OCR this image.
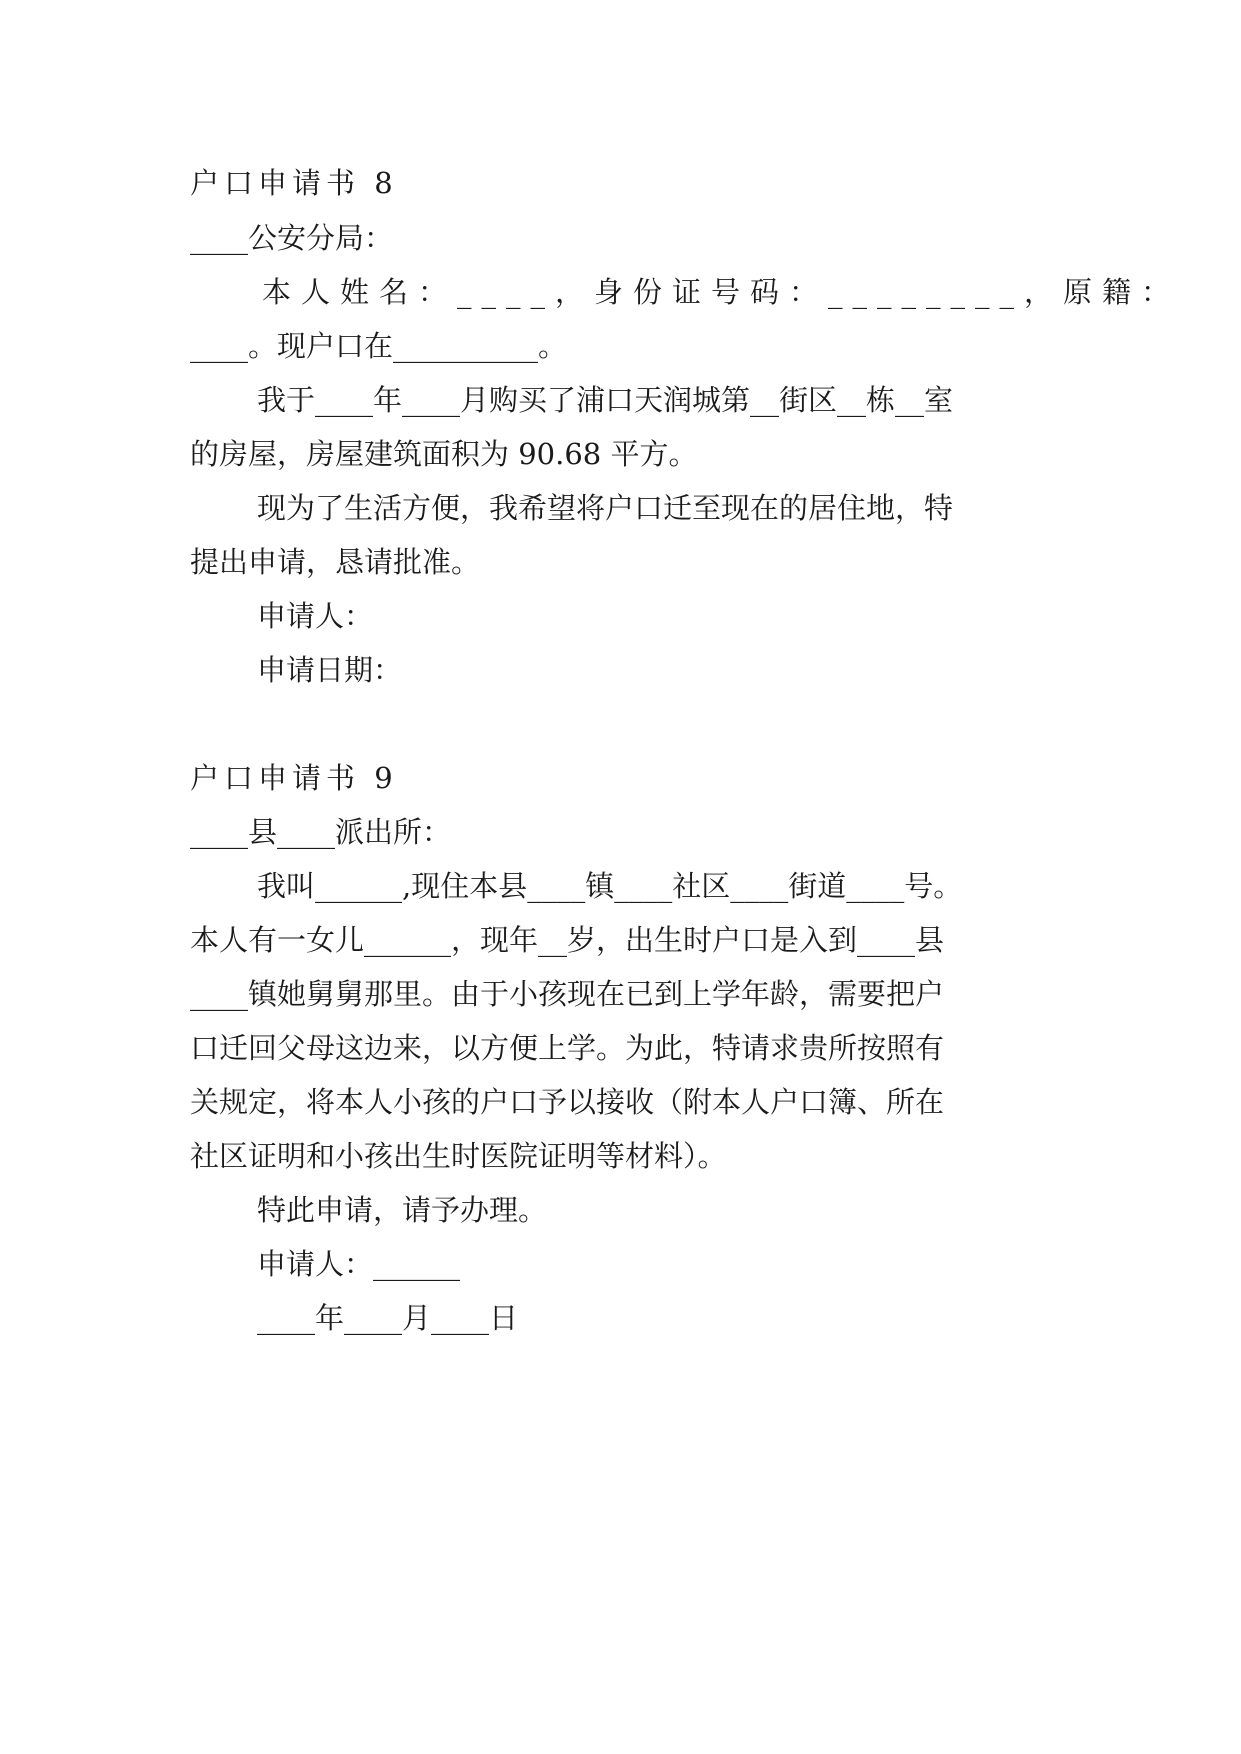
户口申请书 8
____公安分局：
本人姓名：____，身份证号码：________，原籍：
____。现户口在__________。
我于____年____月购买了浦口天润城第__街区__栋__室
的房屋，房屋建筑面积为 90.68 平方。
现为了生活方便，我希望将户口迁至现在的居住地，特
提出申请，恳请批准。
申请人：
申请日期：
户口申请书 9
____县____派出所：
我叫______,现住本县____镇____社区____街道____号。
本人有一女儿______，现年__岁，出生时户口是入到____县
____镇她舅舅那里。由于小孩现在已到上学年龄，需要把户
口迁回父母这边来，以方便上学。为此，特请求贵所按照有
关规定，将本人小孩的户口予以接收（附本人户口簿、所在
社区证明和小孩出生时医院证明等材料）。
特此申请，请予办理。
申请人：______
____年____月____日
